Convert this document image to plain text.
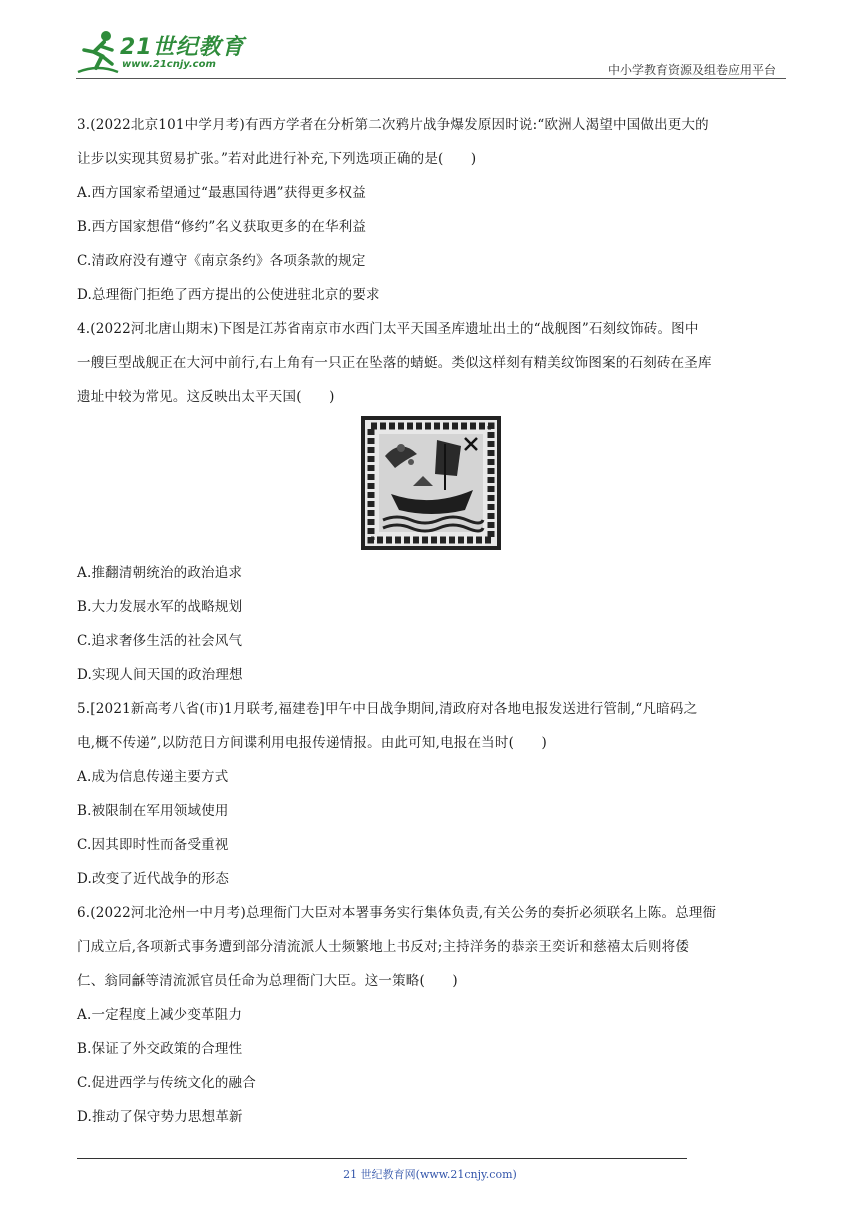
21世纪教育
www.21cnjy.com	中小学教育资源及组卷应用平台
3.(2022北京101中学月考)有西方学者在分析第二次鸦片战争爆发原因时说:“欧洲人渴望中国做出更大的
让步以实现其贸易扩张。”若对此进行补充,下列选项正确的是(　　)
A.西方国家希望通过“最惠国待遇”获得更多权益
B.西方国家想借“修约”名义获取更多的在华利益
C.清政府没有遵守《南京条约》各项条款的规定
D.总理衙门拒绝了西方提出的公使进驻北京的要求
4.(2022河北唐山期末)下图是江苏省南京市水西门太平天国圣库遗址出土的“战舰图”石刻纹饰砖。图中
一艘巨型战舰正在大河中前行,右上角有一只正在坠落的蜻蜓。类似这样刻有精美纹饰图案的石刻砖在圣库
遗址中较为常见。这反映出太平天国(　　)
A.推翻清朝统治的政治追求
B.大力发展水军的战略规划
C.追求奢侈生活的社会风气
D.实现人间天国的政治理想
5.[2021新高考八省(市)1月联考,福建卷]甲午中日战争期间,清政府对各地电报发送进行管制,“凡暗码之
电,概不传递”,以防范日方间谍利用电报传递情报。由此可知,电报在当时(　　)
A.成为信息传递主要方式
B.被限制在军用领域使用
C.因其即时性而备受重视
D.改变了近代战争的形态
6.(2022河北沧州一中月考)总理衙门大臣对本署事务实行集体负责,有关公务的奏折必须联名上陈。总理衙
门成立后,各项新式事务遭到部分清流派人士频繁地上书反对;主持洋务的恭亲王奕䜣和慈禧太后则将倭
仁、翁同龢等清流派官员任命为总理衙门大臣。这一策略(　　)
A.一定程度上减少变革阻力
B.保证了外交政策的合理性
C.促进西学与传统文化的融合
D.推动了保守势力思想革新
21 世纪教育网(www.21cnjy.com)
